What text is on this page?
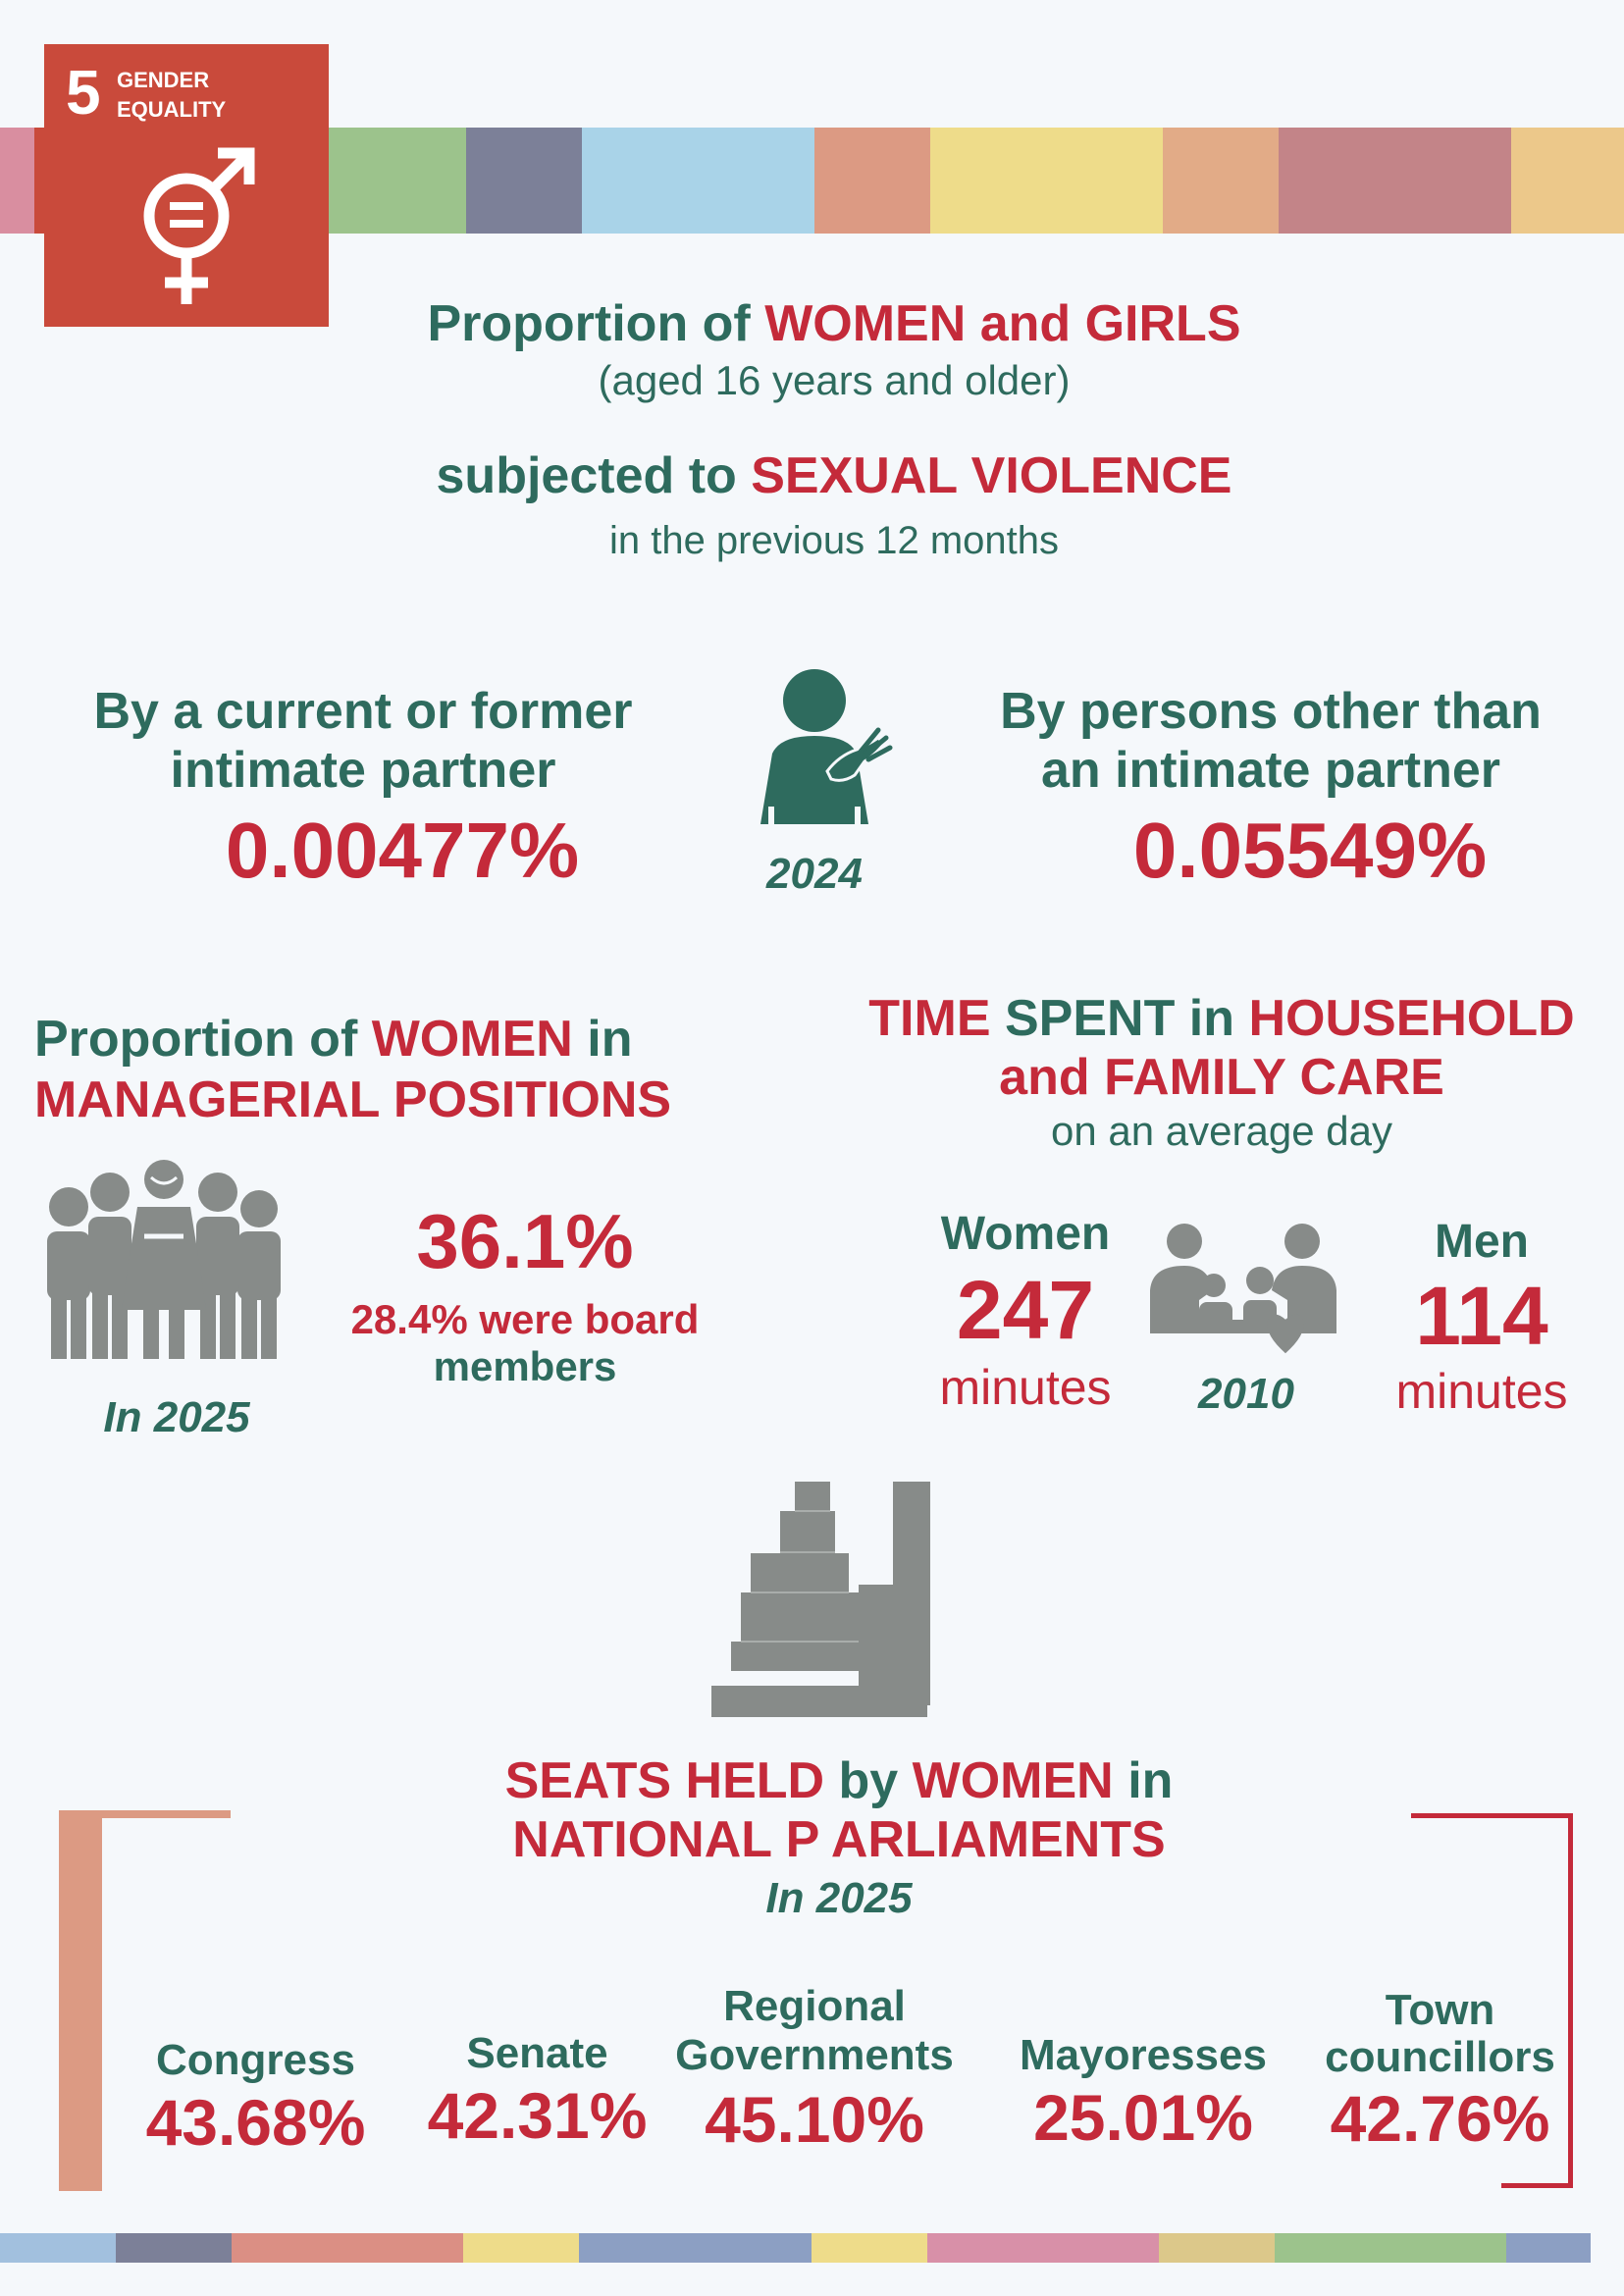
5 GENDER
EQUALITY
Proportion of WOMEN and GIRLS
(aged 16 years and older)
subjected to SEXUAL VIOLENCE
in the previous 12 months
By a current or former
intimate partner
0.00477%	2024
By persons other than
an intimate partner
0.05549%
Proportion of WOMEN in
MANAGERIAL POSITIONS
In 2025
36.1%
28.4% were board
members
TIME SPENT in HOUSEHOLD
and FAMILY CARE
on an average day
Women
247
minutes	2010
Men
114
minutes
SEATS HELD by WOMEN in
NATIONAL P ARLIAMENTS
In 2025
Congress
43.68%
Senate
42.31%
Regional
Governments
45.10%
Mayoresses
25.01%
Town
councillors
42.76%
